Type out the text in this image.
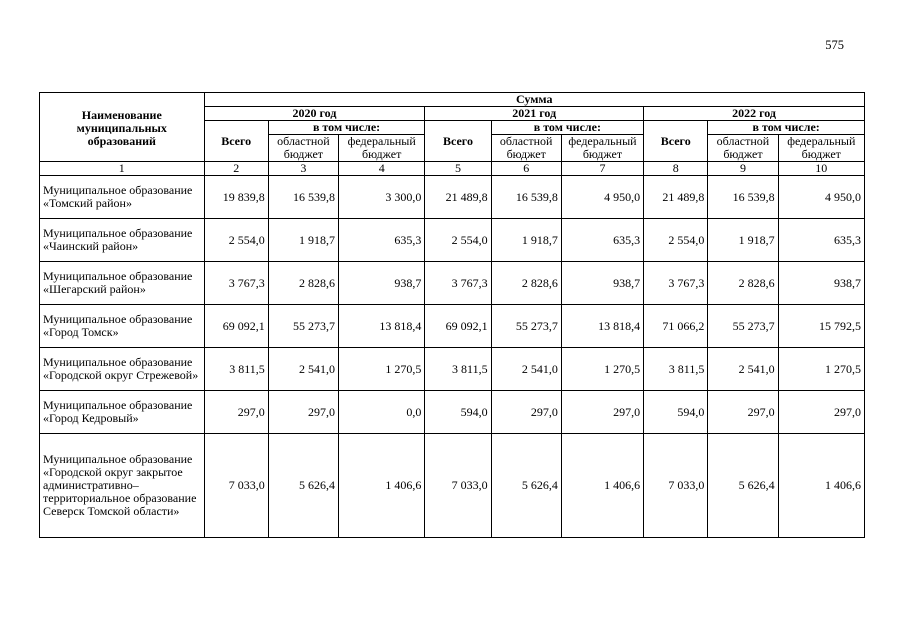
575
Наименование муниципальных образований	Сумма								
	2020 год			2021 год			2022 год		
	Всего	в том числе:		Всего	в том числе:		Всего	в том числе:	
		областной бюджет	федеральный бюджет		областной бюджет	федеральный бюджет		областной бюджет	федеральный бюджет
1	2	3	4	5	6	7	8	9	10
Муниципальное образование «Томский район»	19 839,8	16 539,8	3 300,0	21 489,8	16 539,8	4 950,0	21 489,8	16 539,8	4 950,0
Муниципальное образование «Чаинский район»	2 554,0	1 918,7	635,3	2 554,0	1 918,7	635,3	2 554,0	1 918,7	635,3
Муниципальное образование «Шегарский район»	3 767,3	2 828,6	938,7	3 767,3	2 828,6	938,7	3 767,3	2 828,6	938,7
Муниципальное образование «Город Томск»	69 092,1	55 273,7	13 818,4	69 092,1	55 273,7	13 818,4	71 066,2	55 273,7	15 792,5
Муниципальное образование «Городской округ Стрежевой»	3 811,5	2 541,0	1 270,5	3 811,5	2 541,0	1 270,5	3 811,5	2 541,0	1 270,5
Муниципальное образование «Город Кедровый»	297,0	297,0	0,0	594,0	297,0	297,0	594,0	297,0	297,0
Муниципальное образование «Городской округ закрытое административно–территориальное образование Северск Томской области»	7 033,0	5 626,4	1 406,6	7 033,0	5 626,4	1 406,6	7 033,0	5 626,4	1 406,6
